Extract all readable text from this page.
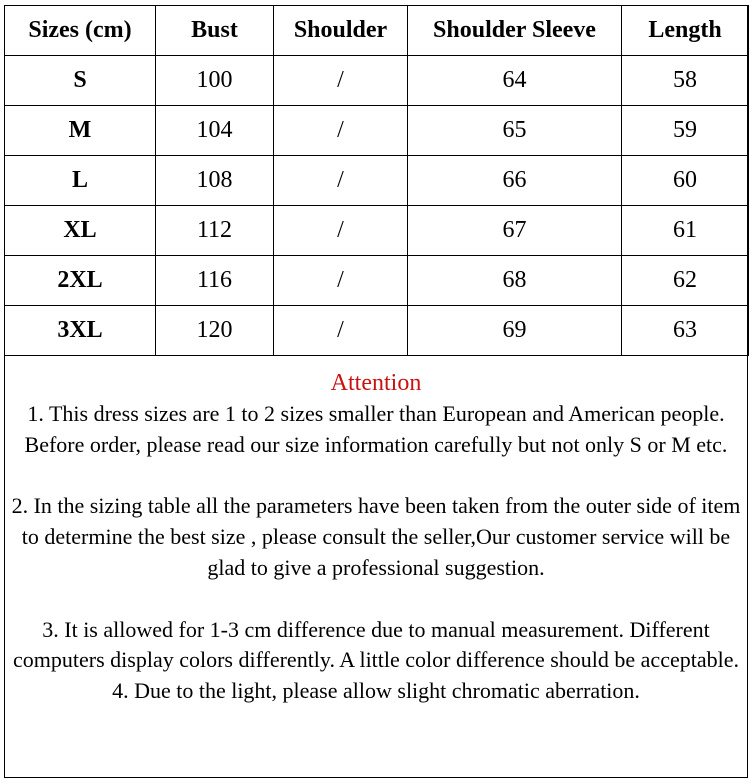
Sizes (cm)	Bust	Shoulder	Shoulder Sleeve	Length
S	100	/	64	58
M	104	/	65	59
L	108	/	66	60
XL	112	/	67	61
2XL	116	/	68	62
3XL	120	/	69	63
Attention

1. This dress sizes are 1 to 2 sizes smaller than European and American people. Before order, please read our size information carefully but not only S or M etc.

2. In the sizing table all the parameters have been taken from the outer side of item to determine the best size , please consult the seller,Our customer service will be glad to give a professional suggestion.

3. It is allowed for 1-3 cm difference due to manual measurement. Different computers display colors differently. A little color difference should be acceptable.

4. Due to the light, please allow slight chromatic aberration.
